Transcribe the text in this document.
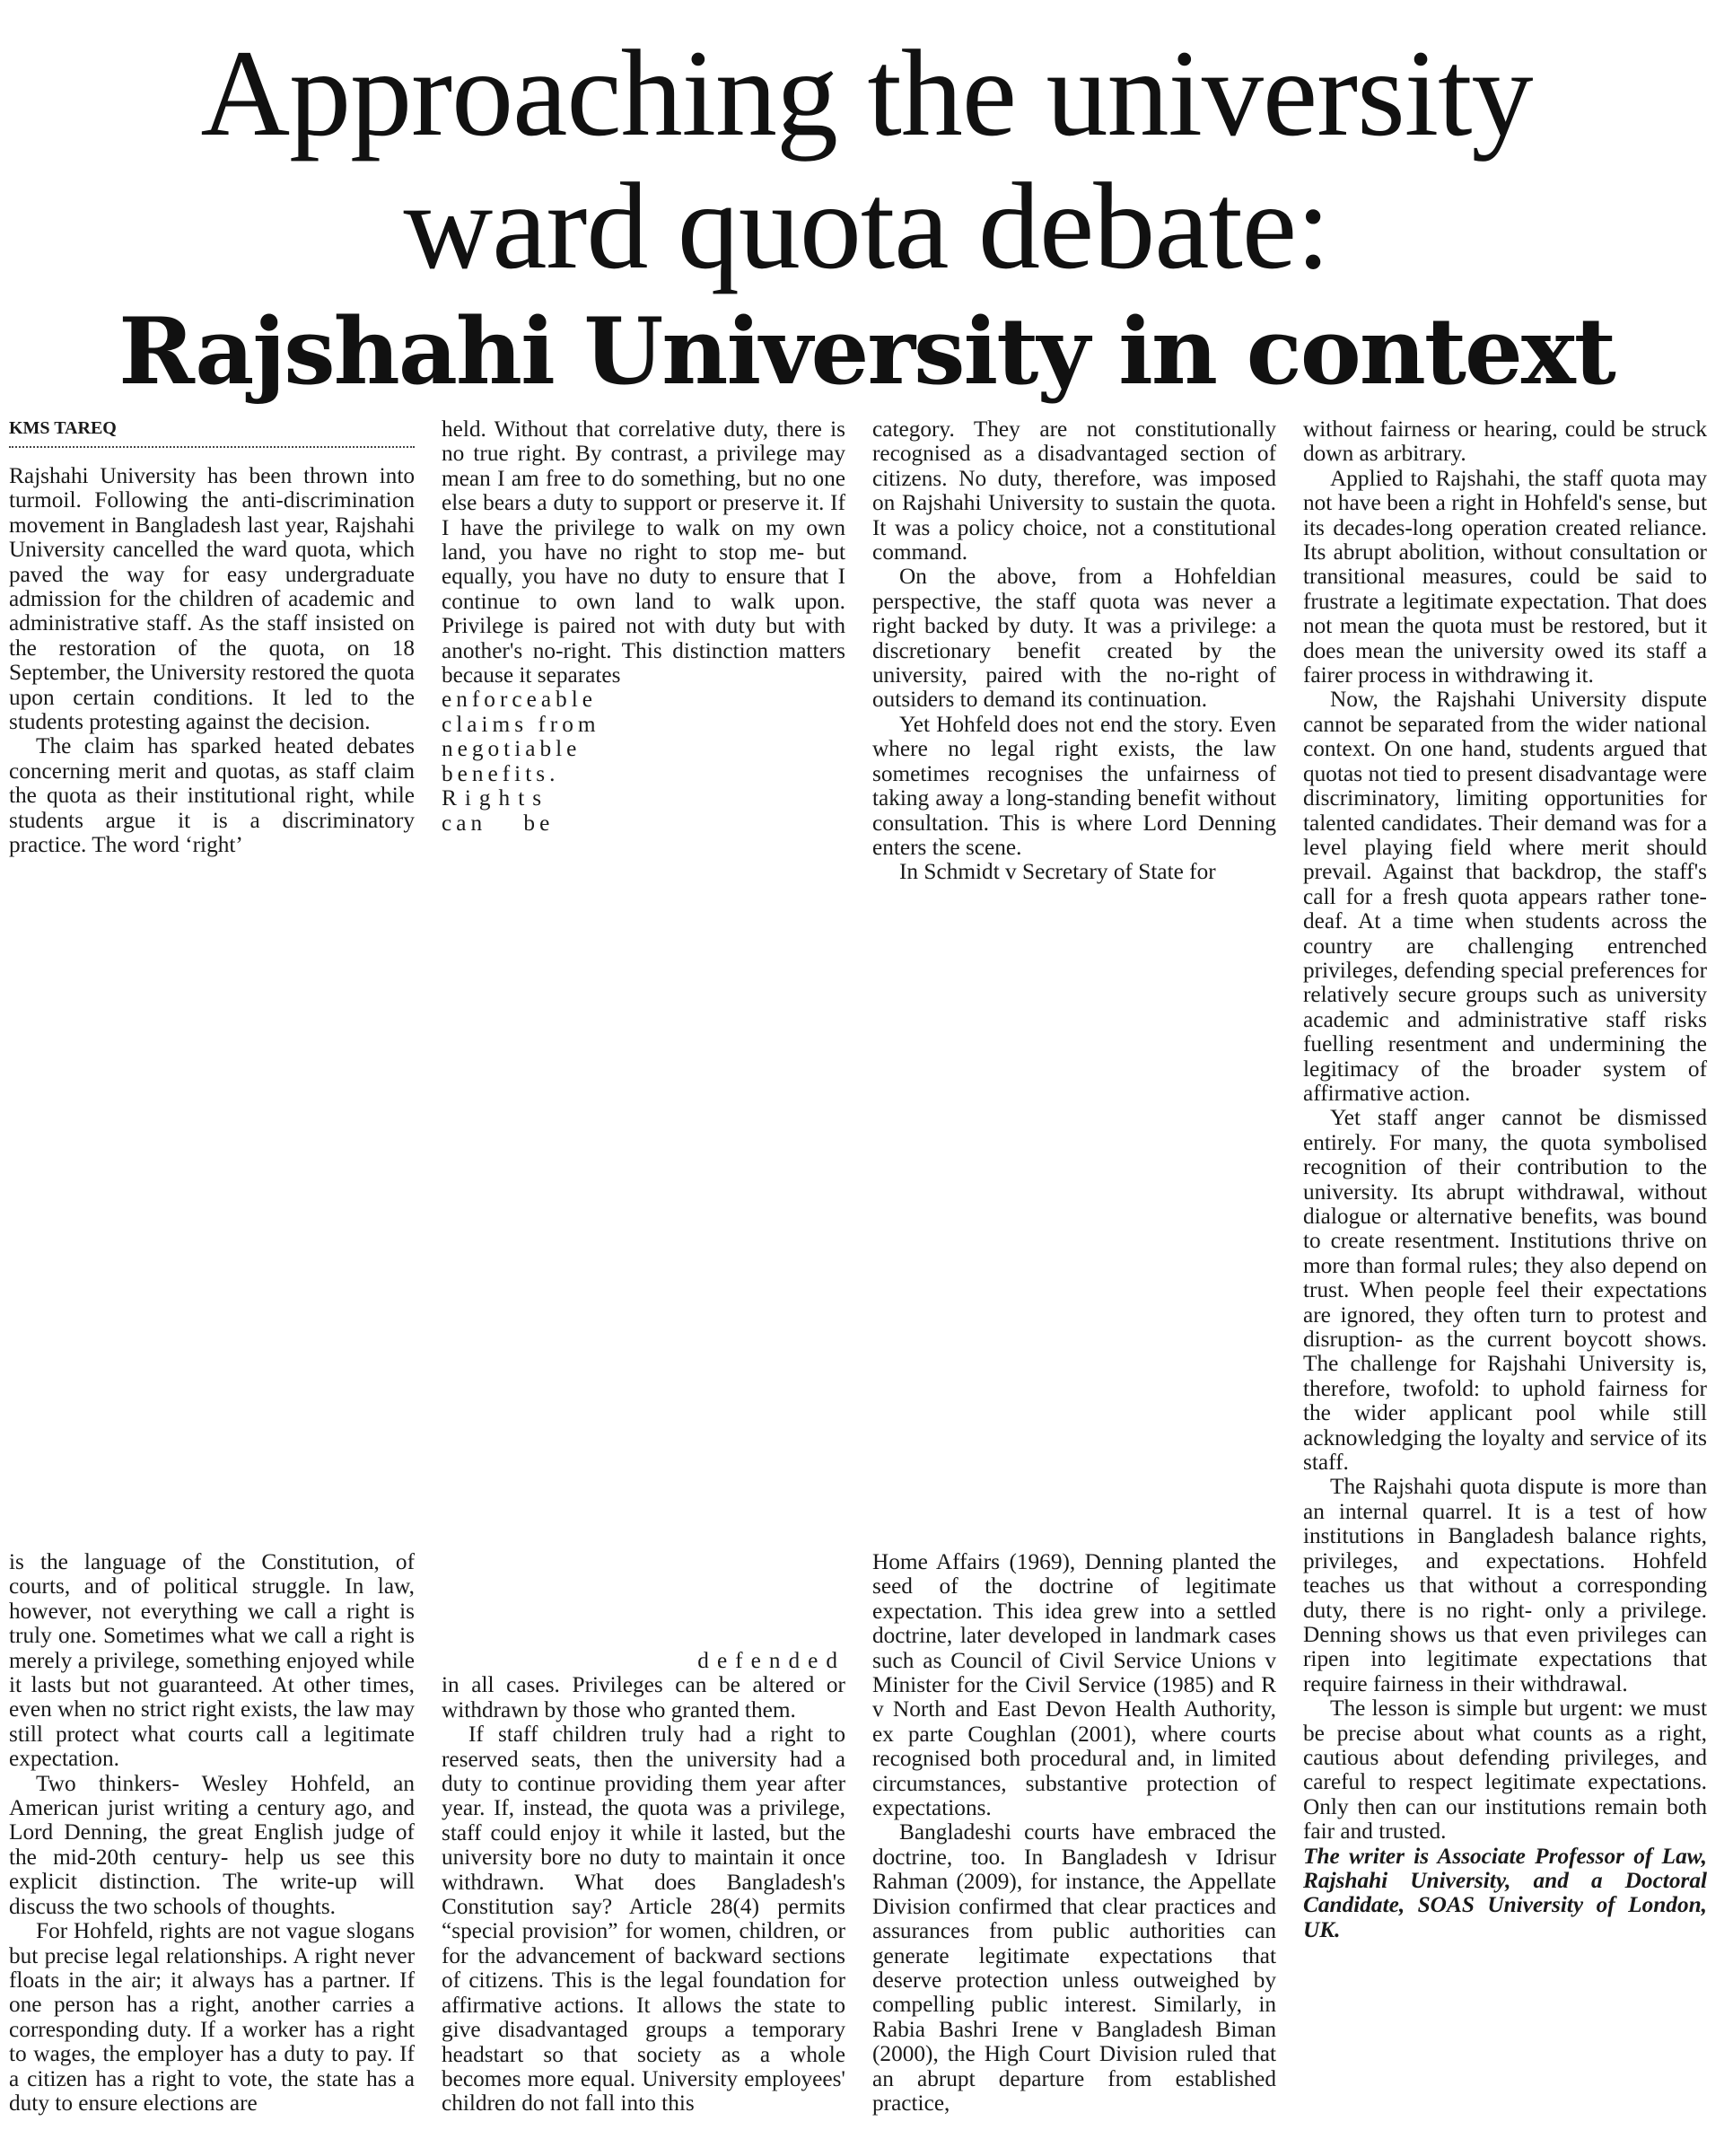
Approaching the university
ward quota debate:
Rajshahi University in context
KMS TAREQ

Rajshahi University has been thrown into turmoil. Following the anti-discrimination movement in Bangladesh last year, Rajshahi University cancelled the ward quota, which paved the way for easy undergraduate admission for the children of academic and administrative staff. As the staff insisted on the restoration of the quota, on 18 September, the University restored the quota upon certain conditions. It led to the students protesting against the decision.

The claim has sparked heated debates concerning merit and quotas, as staff claim the quota as their institutional right, while students argue it is a discriminatory practice. The word ‘right’

is the language of the Constitution, of courts, and of political struggle. In law, however, not everything we call a right is truly one. Sometimes what we call a right is merely a privilege, something enjoyed while it lasts but not guaranteed. At other times, even when no strict right exists, the law may still protect what courts call a legitimate expectation.

Two thinkers- Wesley Hohfeld, an American jurist writing a century ago, and Lord Denning, the great English judge of the mid-20th century- help us see this explicit distinction. The write-up will discuss the two schools of thoughts.

For Hohfeld, rights are not vague slogans but precise legal relationships. A right never floats in the air; it always has a partner. If one person has a right, another carries a corresponding duty. If a worker has a right to wages, the employer has a duty to pay. If a citizen has a right to vote, the state has a duty to ensure elections are

held. Without that correlative duty, there is no true right. By contrast, a privilege may mean I am free to do something, but no one else bears a duty to support or preserve it. If I have the privilege to walk on my own land, you have no right to stop me- but equally, you have no duty to ensure that I continue to own land to walk upon. Privilege is paired not with duty but with another's no-right. This distinction matters because it separates

enforceable
claims from
negotiable
benefits.
Rights
can be
defended

in all cases. Privileges can be altered or withdrawn by those who granted them.

If staff children truly had a right to reserved seats, then the university had a duty to continue providing them year after year. If, instead, the quota was a privilege, staff could enjoy it while it lasted, but the university bore no duty to maintain it once withdrawn. What does Bangladesh's Constitution say? Article 28(4) permits “special provision” for women, children, or for the advancement of backward sections of citizens. This is the legal foundation for affirmative actions. It allows the state to give disadvantaged groups a temporary headstart so that society as a whole becomes more equal. University employees' children do not fall into this

category. They are not constitutionally recognised as a disadvantaged section of citizens. No duty, therefore, was imposed on Rajshahi University to sustain the quota. It was a policy choice, not a constitutional command.

On the above, from a Hohfeldian perspective, the staff quota was never a right backed by duty. It was a privilege: a discretionary benefit created by the university, paired with the no-right of outsiders to demand its continuation.

Yet Hohfeld does not end the story. Even where no legal right exists, the law sometimes recognises the unfairness of taking away a long-standing benefit without consultation. This is where Lord Denning enters the scene.

In Schmidt v Secretary of State for

Home Affairs (1969), Denning planted the seed of the doctrine of legitimate expectation. This idea grew into a settled doctrine, later developed in landmark cases such as Council of Civil Service Unions v Minister for the Civil Service (1985) and R v North and East Devon Health Authority, ex parte Coughlan (2001), where courts recognised both procedural and, in limited circumstances, substantive protection of expectations.

Bangladeshi courts have embraced the doctrine, too. In Bangladesh v Idrisur Rahman (2009), for instance, the Appellate Division confirmed that clear practices and assurances from public authorities can generate legitimate expectations that deserve protection unless outweighed by compelling public interest. Similarly, in Rabia Bashri Irene v Bangladesh Biman (2000), the High Court Division ruled that an abrupt departure from established practice,

without fairness or hearing, could be struck down as arbitrary.

Applied to Rajshahi, the staff quota may not have been a right in Hohfeld's sense, but its decades-long operation created reliance. Its abrupt abolition, without consultation or transitional measures, could be said to frustrate a legitimate expectation. That does not mean the quota must be restored, but it does mean the university owed its staff a fairer process in withdrawing it.

Now, the Rajshahi University dispute cannot be separated from the wider national context. On one hand, students argued that quotas not tied to present disadvantage were discriminatory, limiting opportunities for talented candidates. Their demand was for a level playing field where merit should prevail. Against that backdrop, the staff's call for a fresh quota appears rather tone-deaf. At a time when students across the country are challenging entrenched privileges, defending special preferences for relatively secure groups such as university academic and administrative staff risks fuelling resentment and undermining the legitimacy of the broader system of affirmative action.

Yet staff anger cannot be dismissed entirely. For many, the quota symbolised recognition of their contribution to the university. Its abrupt withdrawal, without dialogue or alternative benefits, was bound to create resentment. Institutions thrive on more than formal rules; they also depend on trust. When people feel their expectations are ignored, they often turn to protest and disruption- as the current boycott shows. The challenge for Rajshahi University is, therefore, twofold: to uphold fairness for the wider applicant pool while still acknowledging the loyalty and service of its staff.

The Rajshahi quota dispute is more than an internal quarrel. It is a test of how institutions in Bangladesh balance rights, privileges, and expectations. Hohfeld teaches us that without a corresponding duty, there is no right- only a privilege. Denning shows us that even privileges can ripen into legitimate expectations that require fairness in their withdrawal.

The lesson is simple but urgent: we must be precise about what counts as a right, cautious about defending privileges, and careful to respect legitimate expectations. Only then can our institutions remain both fair and trusted.

The writer is Associate Professor of Law, Rajshahi University, and a Doctoral Candidate, SOAS University of London, UK.
